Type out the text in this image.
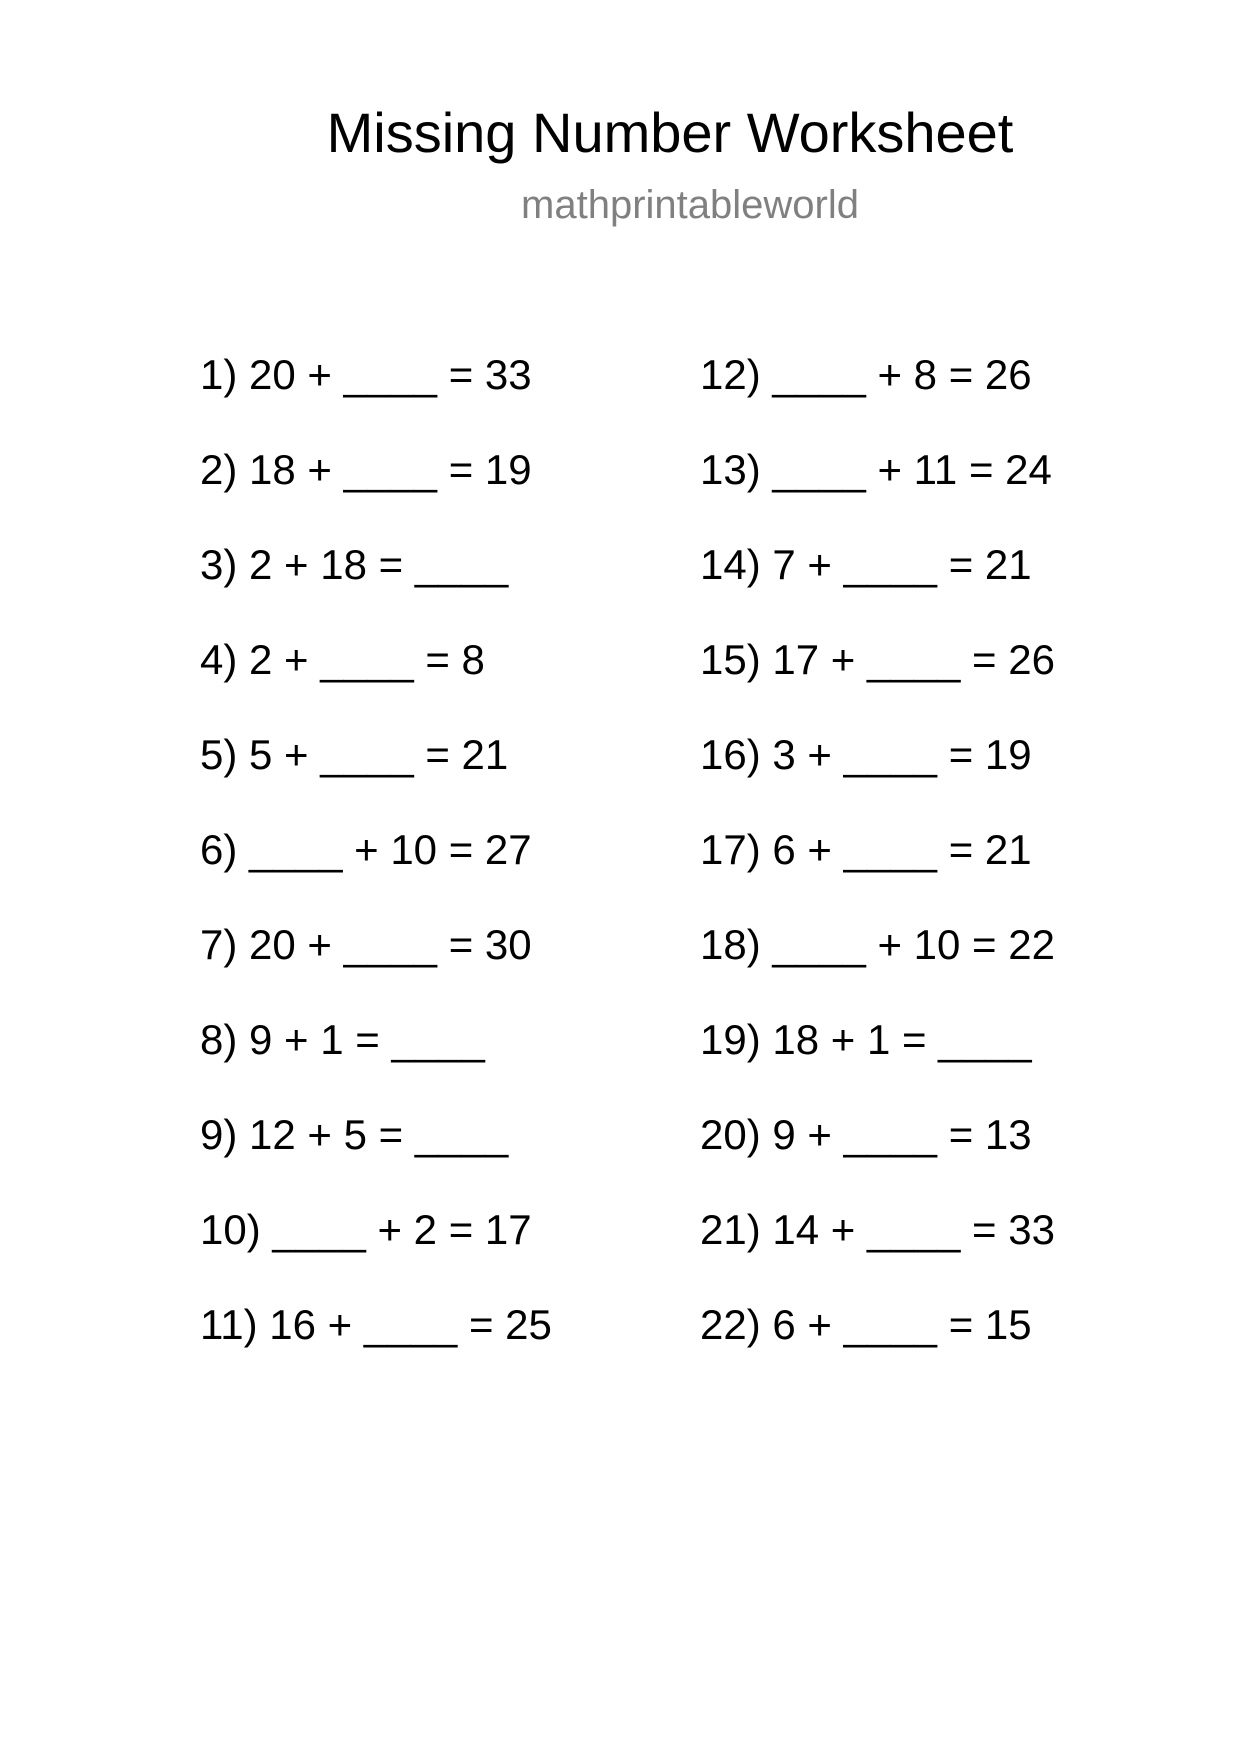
Missing Number Worksheet
mathprintableworld
1) 20 + ____ = 33
2) 18 + ____ = 19
3) 2 + 18 = ____
4) 2 + ____ = 8
5) 5 + ____ = 21
6) ____ + 10 = 27
7) 20 + ____ = 30
8) 9 + 1 = ____
9) 12 + 5 = ____
10) ____ + 2 = 17
11) 16 + ____ = 25
12) ____ + 8 = 26
13) ____ + 11 = 24
14) 7 + ____ = 21
15) 17 + ____ = 26
16) 3 + ____ = 19
17) 6 + ____ = 21
18) ____ + 10 = 22
19) 18 + 1 = ____
20) 9 + ____ = 13
21) 14 + ____ = 33
22) 6 + ____ = 15
